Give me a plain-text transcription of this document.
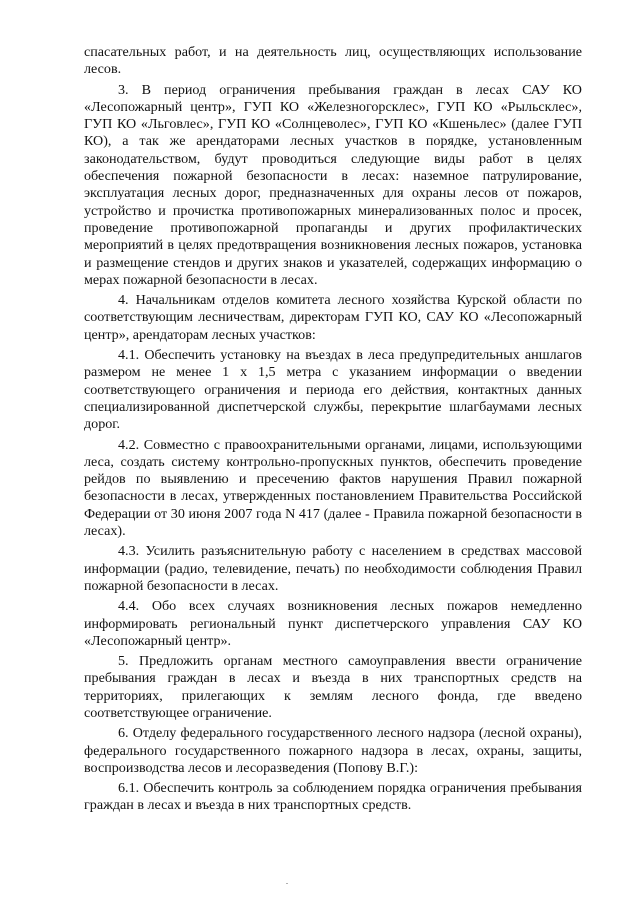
спасательных работ, и на деятельность лиц, осуществляющих использование лесов.

3. В период ограничения пребывания граждан в лесах САУ КО «Лесопожарный центр», ГУП КО «Железногорсклес», ГУП КО «Рыльсклес», ГУП КО «Льговлес», ГУП КО «Солнцеволес», ГУП КО «Кшеньлес» (далее ГУП КО), а так же арендаторами лесных участков в порядке, установленным законодательством, будут проводиться следующие виды работ в целях обеспечения пожарной безопасности в лесах: наземное патрулирование, эксплуатация лесных дорог, предназначенных для охраны лесов от пожаров, устройство и прочистка противопожарных минерализованных полос и просек, проведение противопожарной пропаганды и других профилактических мероприятий в целях предотвращения возникновения лесных пожаров, установка и размещение стендов и других знаков и указателей, содержащих информацию о мерах пожарной безопасности в лесах.

4. Начальникам отделов комитета лесного хозяйства Курской области по соответствующим лесничествам, директорам ГУП КО, САУ КО «Лесопожарный центр», арендаторам лесных участков:

4.1. Обеспечить установку на въездах в леса предупредительных аншлагов размером не менее 1 х 1,5 метра с указанием информации о введении соответствующего ограничения и периода его действия, контактных данных специализированной диспетчерской службы, перекрытие шлагбаумами лесных дорог.

4.2. Совместно с правоохранительными органами, лицами, использующими леса, создать систему контрольно-пропускных пунктов, обеспечить проведение рейдов по выявлению и пресечению фактов нарушения Правил пожарной безопасности в лесах, утвержденных постановлением Правительства Российской Федерации от 30 июня 2007 года N 417 (далее - Правила пожарной безопасности в лесах).

4.3. Усилить разъяснительную работу с населением в средствах массовой информации (радио, телевидение, печать) по необходимости соблюдения Правил пожарной безопасности в лесах.

4.4. Обо всех случаях возникновения лесных пожаров немедленно информировать региональный пункт диспетчерского управления САУ КО «Лесопожарный центр».

5. Предложить органам местного самоуправления ввести ограничение пребывания граждан в лесах и въезда в них транспортных средств на территориях, прилегающих к землям лесного фонда, где введено соответствующее ограничение.

6. Отделу федерального государственного лесного надзора (лесной охраны), федерального государственного пожарного надзора в лесах, охраны, защиты, воспроизводства лесов и лесоразведения (Попову В.Г.):

6.1. Обеспечить контроль за соблюдением порядка ограничения пребывания граждан в лесах и въезда в них транспортных средств.
